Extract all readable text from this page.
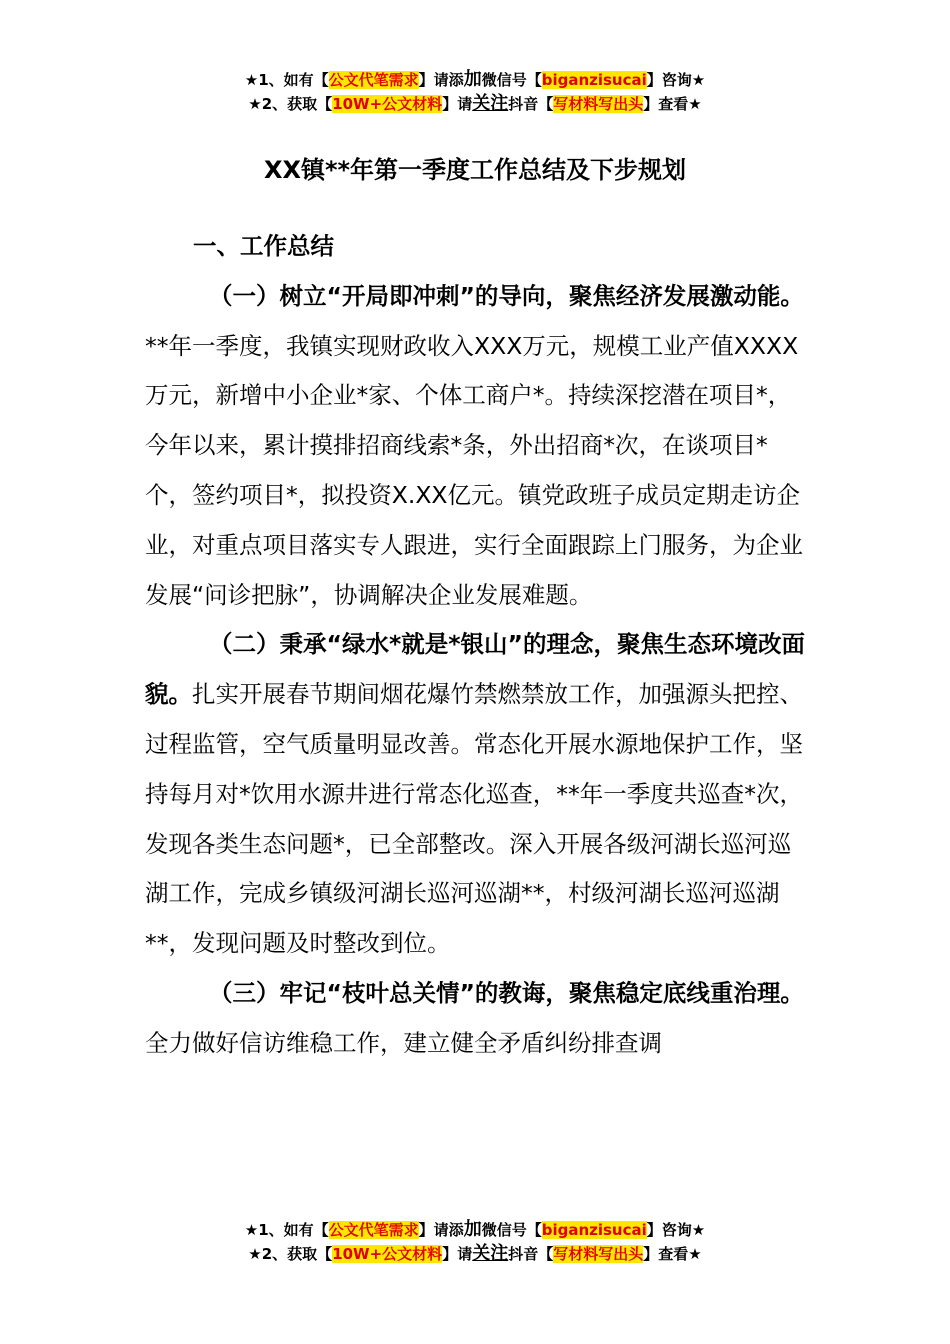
★1、如有【公文代笔需求】请添加微信号【biganzisucai】咨询★
★2、获取【10W+公文材料】请关注抖音【写材料写出头】查看★
XX镇**年第一季度工作总结及下步规划

一、工作总结

（一）树立“开局即冲刺”的导向，聚焦经济发展激动能。**年一季度，我镇实现财政收入XXX万元，规模工业产值XXXX万元，新增中小企业*家、个体工商户*。持续深挖潜在项目*，今年以来，累计摸排招商线索*条，外出招商*次，在谈项目*个，签约项目*，拟投资X.XX亿元。镇党政班子成员定期走访企业，对重点项目落实专人跟进，实行全面跟踪上门服务，为企业发展“问诊把脉”，协调解决企业发展难题。

（二）秉承“绿水*就是*银山”的理念，聚焦生态环境改面貌。扎实开展春节期间烟花爆竹禁燃禁放工作，加强源头把控、过程监管，空气质量明显改善。常态化开展水源地保护工作，坚持每月对*饮用水源井进行常态化巡查，**年一季度共巡查*次，发现各类生态问题*，已全部整改。深入开展各级河湖长巡河巡湖工作，完成乡镇级河湖长巡河巡湖**，村级河湖长巡河巡湖**，发现问题及时整改到位。

（三）牢记“枝叶总关情”的教诲，聚焦稳定底线重治理。全力做好信访维稳工作，建立健全矛盾纠纷排查调

★1、如有【公文代笔需求】请添加微信号【biganzisucai】咨询★
★2、获取【10W+公文材料】请关注抖音【写材料写出头】查看★
